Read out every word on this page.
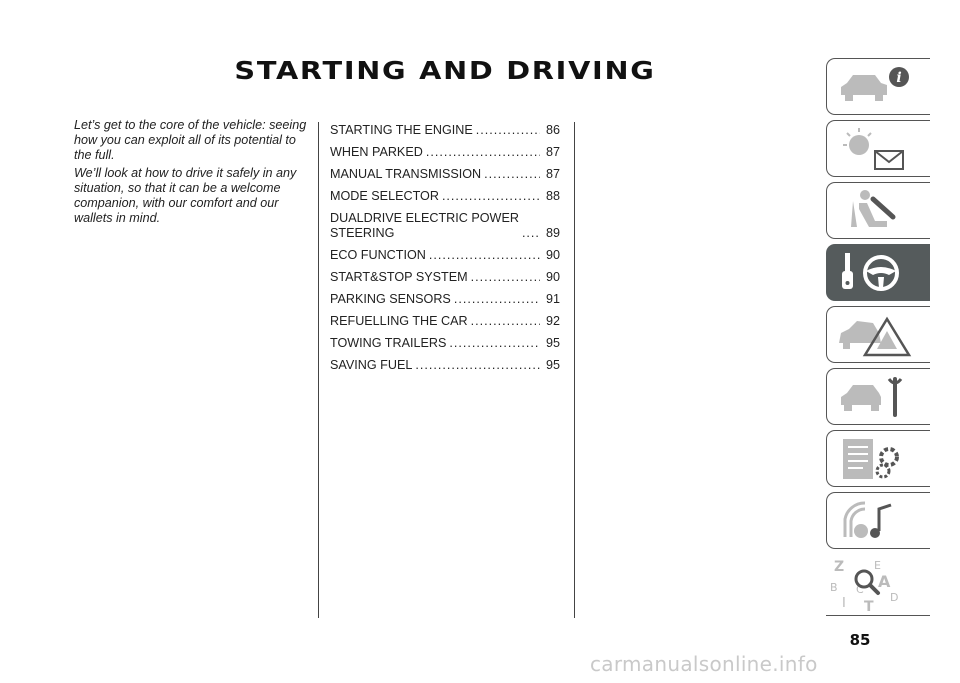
STARTING AND DRIVING

Let’s get to the core of the vehicle: seeing how you can exploit all of its potential to the full.

We’ll look at how to drive it safely in any situation, so that it can be a welcome companion, with our comfort and our wallets in mind.

STARTING THE ENGINE .....	86
WHEN PARKED .....	87
MANUAL TRANSMISSION .....	87
MODE SELECTOR .....	88
DUALDRIVE ELECTRIC POWER
STEERING .....	89
ECO FUNCTION .....	90
START&STOP SYSTEM .....	90
PARKING SENSORS .....	91
REFUELLING THE CAR .....	92
TOWING TRAILERS .....	95
SAVING FUEL .....	95
i
Z	E
A
B C
D
I T
85
carmanualsonline.info
